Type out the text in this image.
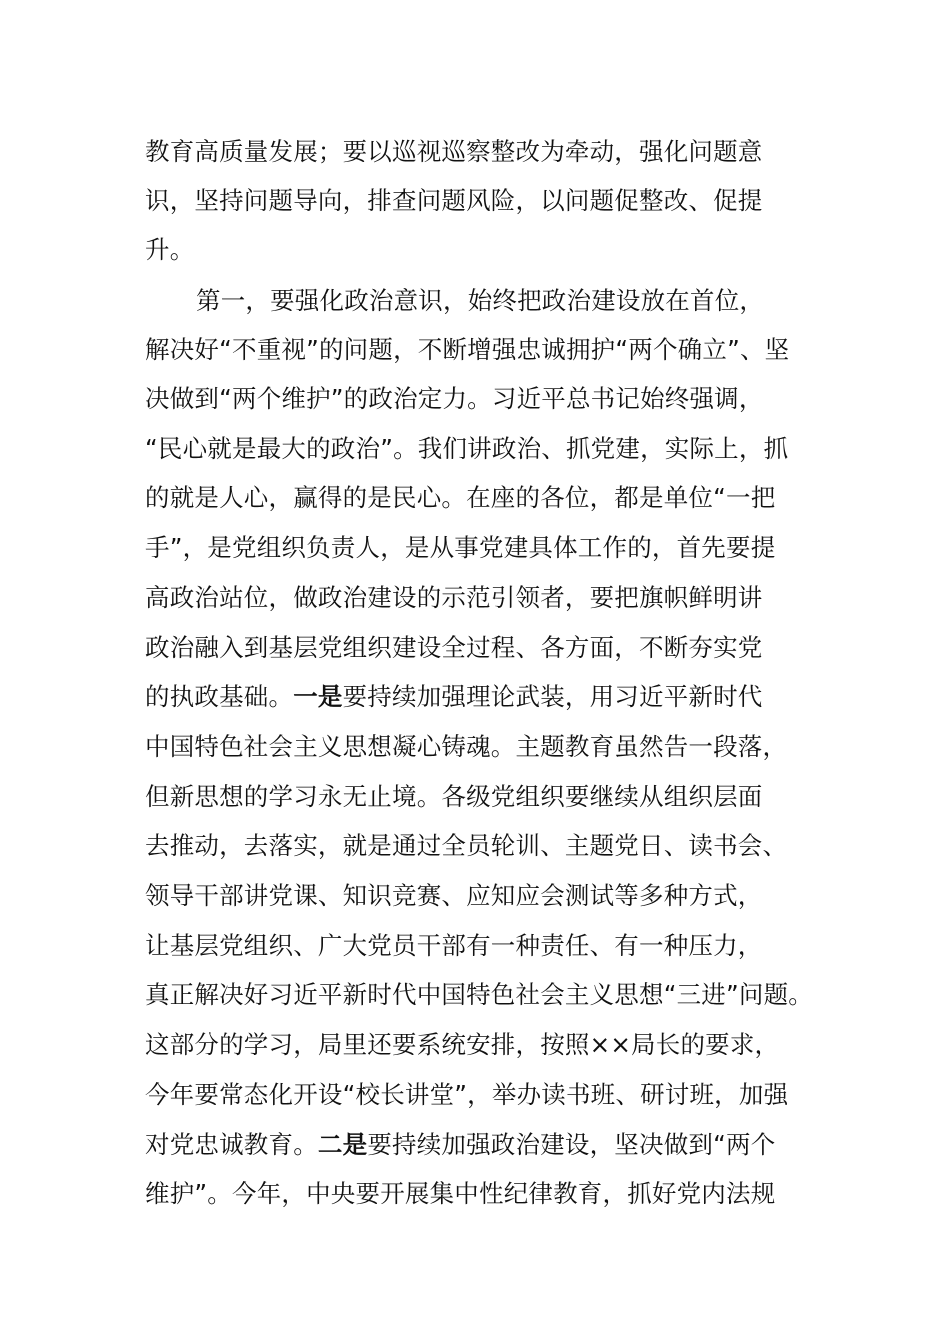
教育高质量发展；要以巡视巡察整改为牵动，强化问题意
识，坚持问题导向，排查问题风险，以问题促整改、促提
升。
第一，要强化政治意识，始终把政治建设放在首位，
解决好“不重视”的问题，不断增强忠诚拥护“两个确立”、坚
决做到“两个维护”的政治定力。习近平总书记始终强调，
“民心就是最大的政治”。我们讲政治、抓党建，实际上，抓
的就是人心，赢得的是民心。在座的各位，都是单位“一把
手”，是党组织负责人，是从事党建具体工作的，首先要提
高政治站位，做政治建设的示范引领者，要把旗帜鲜明讲
政治融入到基层党组织建设全过程、各方面，不断夯实党
的执政基础。一是要持续加强理论武装，用习近平新时代
中国特色社会主义思想凝心铸魂。主题教育虽然告一段落，
但新思想的学习永无止境。各级党组织要继续从组织层面
去推动，去落实，就是通过全员轮训、主题党日、读书会、
领导干部讲党课、知识竞赛、应知应会测试等多种方式，
让基层党组织、广大党员干部有一种责任、有一种压力，
真正解决好习近平新时代中国特色社会主义思想“三进”问题。
这部分的学习，局里还要系统安排，按照××局长的要求，
今年要常态化开设“校长讲堂”，举办读书班、研讨班，加强
对党忠诚教育。二是要持续加强政治建设，坚决做到“两个
维护”。今年，中央要开展集中性纪律教育，抓好党内法规
